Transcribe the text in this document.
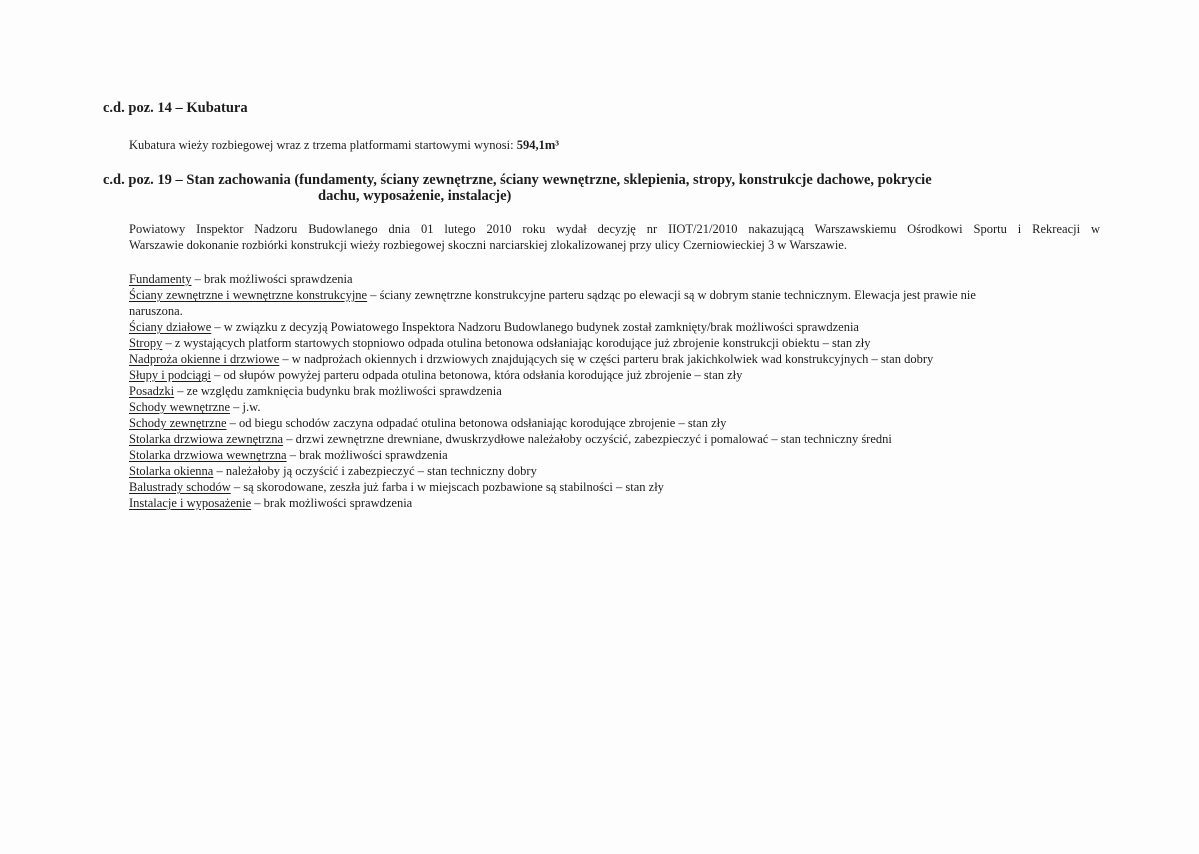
c.d. poz. 14 – Kubatura
Kubatura wieży rozbiegowej wraz z trzema platformami startowymi wynosi: 594,1m³
c.d. poz. 19 – Stan zachowania (fundamenty, ściany zewnętrzne, ściany wewnętrzne, sklepienia, stropy, konstrukcje dachowe, pokrycie
dachu, wyposażenie, instalacje)
Powiatowy Inspektor Nadzoru Budowlanego dnia 01 lutego 2010 roku wydał decyzję nr IIOT/21/2010 nakazującą Warszawskiemu Ośrodkowi Sportu i Rekreacji w
Warszawie dokonanie rozbiórki konstrukcji wieży rozbiegowej skoczni narciarskiej zlokalizowanej przy ulicy Czerniowieckiej 3 w Warszawie.
Fundamenty – brak możliwości sprawdzenia
Ściany zewnętrzne i wewnętrzne konstrukcyjne – ściany zewnętrzne konstrukcyjne parteru sądząc po elewacji są w dobrym stanie technicznym. Elewacja jest prawie nie
naruszona.
Ściany działowe – w związku z decyzją Powiatowego Inspektora Nadzoru Budowlanego budynek został zamknięty/brak możliwości sprawdzenia
Stropy – z wystających platform startowych stopniowo odpada otulina betonowa odsłaniając korodujące już zbrojenie konstrukcji obiektu – stan zły
Nadproża okienne i drzwiowe – w nadprożach okiennych i drzwiowych znajdujących się w części parteru brak jakichkolwiek wad konstrukcyjnych – stan dobry
Słupy i podciągi – od słupów powyżej parteru odpada otulina betonowa, która odsłania korodujące już zbrojenie – stan zły
Posadzki – ze względu zamknięcia budynku brak możliwości sprawdzenia
Schody wewnętrzne – j.w.
Schody zewnętrzne – od biegu schodów zaczyna odpadać otulina betonowa odsłaniając korodujące zbrojenie – stan zły
Stolarka drzwiowa zewnętrzna – drzwi zewnętrzne drewniane, dwuskrzydłowe należałoby oczyścić, zabezpieczyć i pomalować – stan techniczny średni
Stolarka drzwiowa wewnętrzna – brak możliwości sprawdzenia
Stolarka okienna – należałoby ją oczyścić i zabezpieczyć – stan techniczny dobry
Balustrady schodów – są skorodowane, zeszła już farba i w miejscach pozbawione są stabilności – stan zły
Instalacje i wyposażenie – brak możliwości sprawdzenia
